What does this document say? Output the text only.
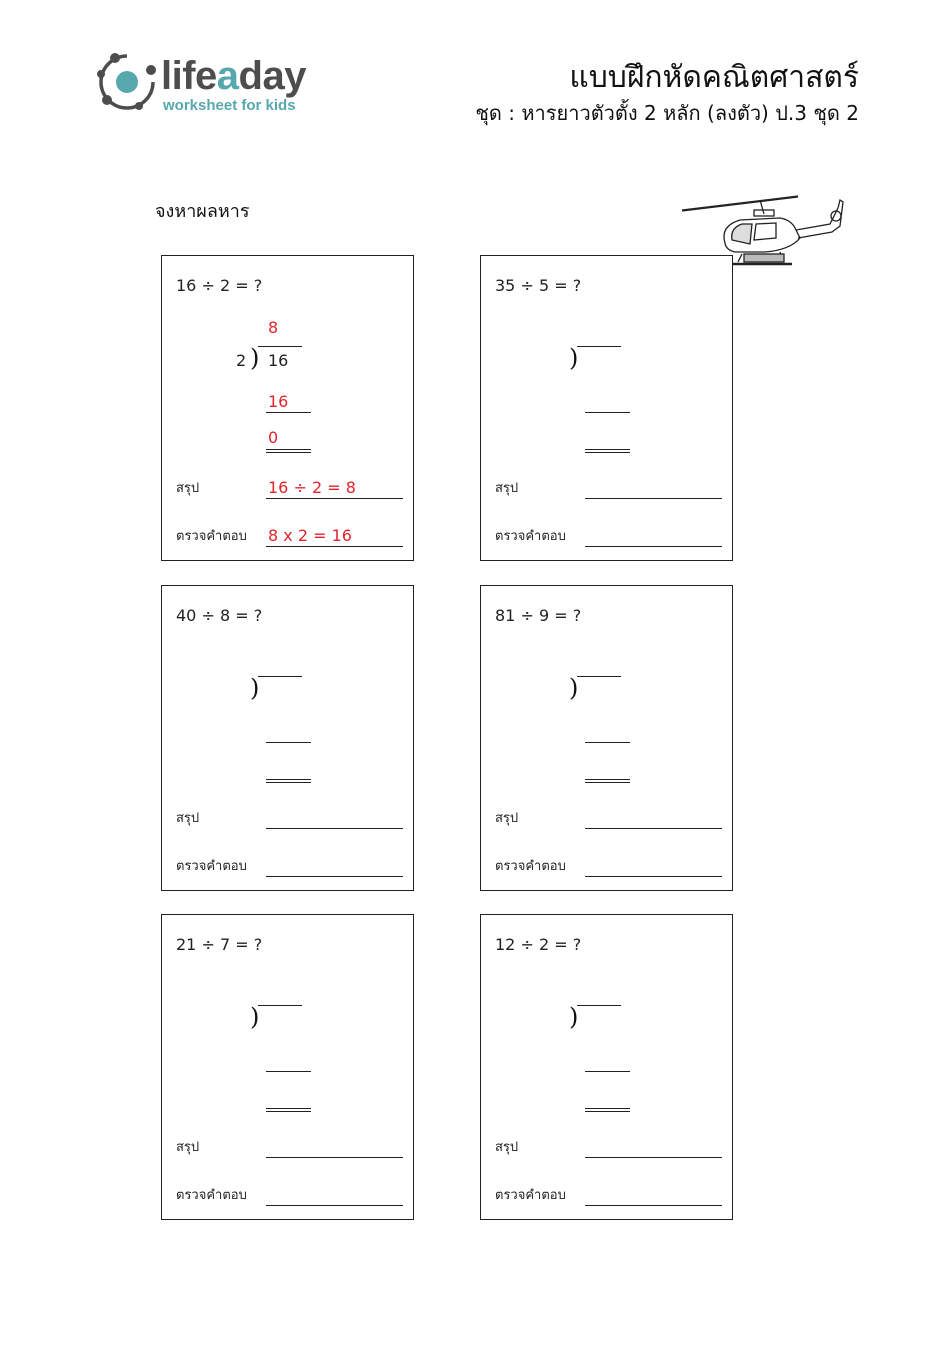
lifeaday
worksheet for kids
แบบฝึกหัดคณิตศาสตร์
ชุด : หารยาวตัวตั้ง 2 หลัก (ลงตัว) ป.3 ชุด 2
จงหาผลหาร
16 ÷ 2 = ?
8
2 ) 16
16
0
สรุป	16 ÷ 2 = 8
ตรวจคำตอบ 8 x 2 = 16
35 ÷ 5 = ?
)
สรุป
ตรวจคำตอบ
40 ÷ 8 = ?
)
สรุป
ตรวจคำตอบ
81 ÷ 9 = ?
)
สรุป
ตรวจคำตอบ
21 ÷ 7 = ?
)
สรุป
ตรวจคำตอบ
12 ÷ 2 = ?
)
สรุป
ตรวจคำตอบ
